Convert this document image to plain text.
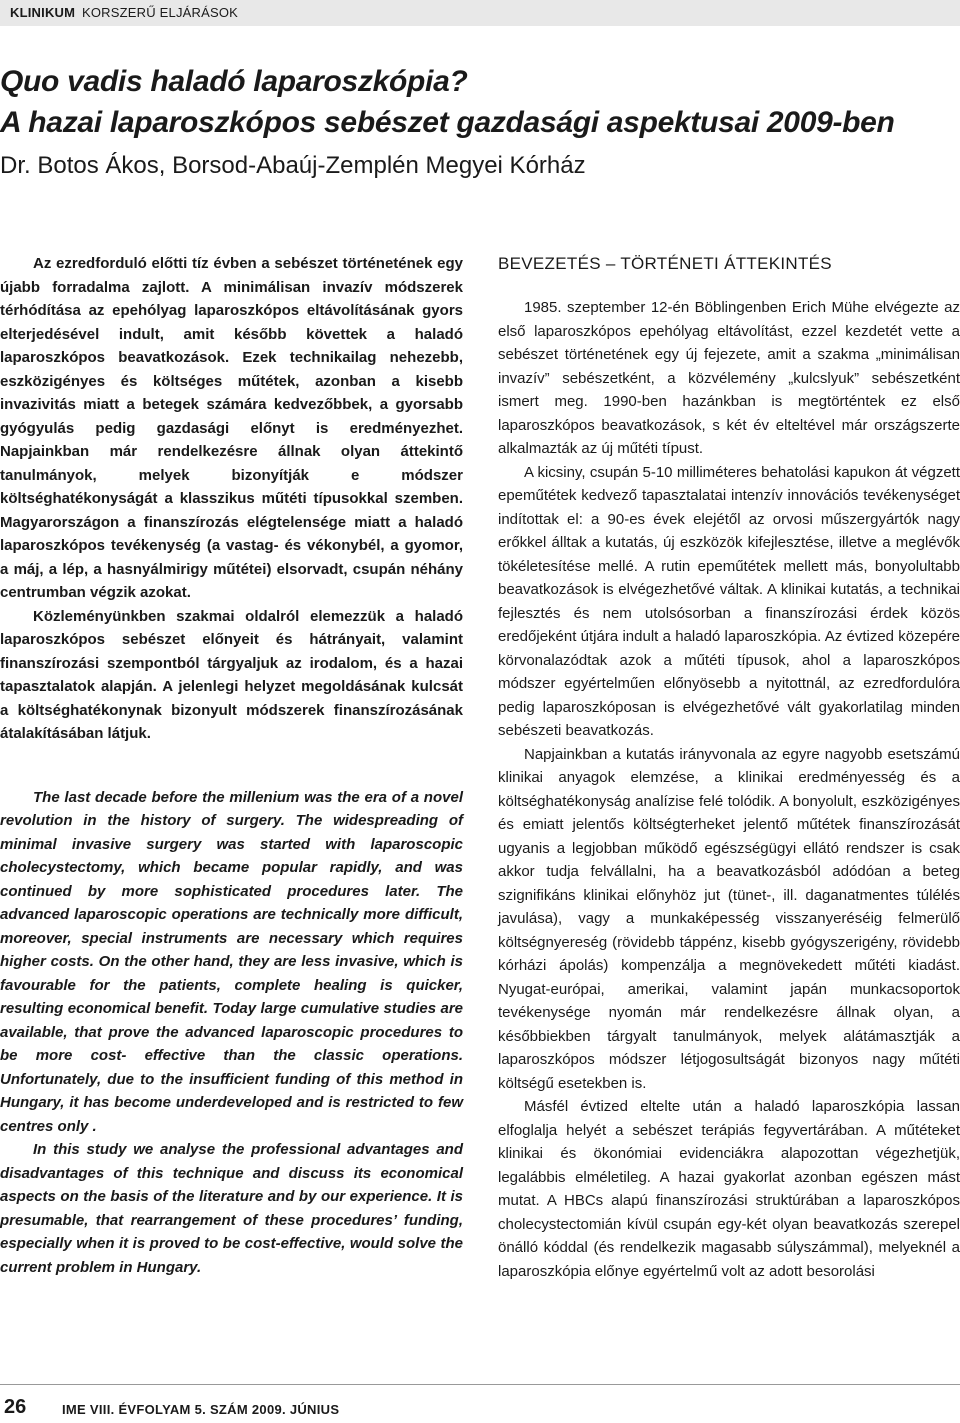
KLINIKUM KORSZERŰ ELJÁRÁSOK
Quo vadis haladó laparoszkópia?
A hazai laparoszkópos sebészet gazdasági aspektusai 2009-ben
Dr. Botos Ákos, Borsod-Abaúj-Zemplén Megyei Kórház

Az ezredforduló előtti tíz évben a sebészet történetének egy újabb forradalma zajlott. A minimálisan invazív módszerek térhódítása az epehólyag laparoszkópos eltávolításának gyors elterjedésével indult, amit később követtek a haladó laparoszkópos beavatkozások. Ezek technikailag nehezebb, eszközigényes és költséges műtétek, azonban a kisebb invazivitás miatt a betegek számára kedvezőbbek, a gyorsabb gyógyulás pedig gazdasági előnyt is eredményezhet. Napjainkban már rendelkezésre állnak olyan áttekintő tanulmányok, melyek bizonyítják e módszer költséghatékonyságát a klasszikus műtéti típusokkal szemben. Magyarországon a finanszírozás elégtelensége miatt a haladó laparoszkópos tevékenység (a vastag- és vékonybél, a gyomor, a máj, a lép, a hasnyálmirigy műtétei) elsorvadt, csupán néhány centrumban végzik azokat.

Közleményünkben szakmai oldalról elemezzük a haladó laparoszkópos sebészet előnyeit és hátrányait, valamint finanszírozási szempontból tárgyaljuk az irodalom, és a hazai tapasztalatok alapján. A jelenlegi helyzet megoldásának kulcsát a költséghatékonynak bizonyult módszerek finanszírozásának átalakításában látjuk.

The last decade before the millenium was the era of a novel revolution in the history of surgery. The widespreading of minimal invasive surgery was started with laparoscopic cholecystectomy, which became popular rapidly, and was continued by more sophisticated procedures later. The advanced laparoscopic operations are technically more difficult, moreover, special instruments are necessary which requires higher costs. On the other hand, they are less invasive, which is favourable for the patients, complete healing is quicker, resulting economical benefit. Today large cumulative studies are available, that prove the advanced laparoscopic procedures to be more cost- effective than the classic operations. Unfortunately, due to the insufficient funding of this method in Hungary, it has become underdeveloped and is restricted to few centres only .

In this study we analyse the professional advantages and disadvantages of this technique and discuss its economical aspects on the basis of the literature and by our experience. It is presumable, that rearrangement of these procedures’ funding, especially when it is proved to be cost-effective, would solve the current problem in Hungary.

BEVEZETÉS – TÖRTÉNETI ÁTTEKINTÉS

1985. szeptember 12-én Böblingenben Erich Mühe elvégezte az első laparoszkópos epehólyag eltávolítást, ezzel kezdetét vette a sebészet történetének egy új fejezete, amit a szakma „minimálisan invazív” sebészetként, a közvélemény „kulcslyuk” sebészetként ismert meg. 1990-ben hazánkban is megtörténtek ez első laparoszkópos beavatkozások, s két év elteltével már országszerte alkalmazták az új műtéti típust.

A kicsiny, csupán 5-10 milliméteres behatolási kapukon át végzett epeműtétek kedvező tapasztalatai intenzív innovációs tevékenységet indítottak el: a 90-es évek elejétől az orvosi műszergyártók nagy erőkkel álltak a kutatás, új eszközök kifejlesztése, illetve a meglévők tökéletesítése mellé. A rutin epeműtétek mellett más, bonyolultabb beavatkozások is elvégezhetővé váltak. A klinikai kutatás, a technikai fejlesztés és nem utolsósorban a finanszírozási érdek közös eredőjeként útjára indult a haladó laparoszkópia. Az évtized közepére körvonalazódtak azok a műtéti típusok, ahol a laparoszkópos módszer egyértelműen előnyösebb a nyitottnál, az ezredfordulóra pedig laparoszkóposan is elvégezhetővé vált gyakorlatilag minden sebészeti beavatkozás.

Napjainkban a kutatás irányvonala az egyre nagyobb esetszámú klinikai anyagok elemzése, a klinikai eredményesség és a költséghatékonyság analízise felé tolódik. A bonyolult, eszközigényes és emiatt jelentős költségterheket jelentő műtétek finanszírozását ugyanis a legjobban működő egészségügyi ellátó rendszer is csak akkor tudja felvállalni, ha a beavatkozásból adódóan a beteg szignifikáns klinikai előnyhöz jut (tünet-, ill. daganatmentes túlélés javulása), vagy a munkaképesség visszanyeréséig felmerülő költségnyereség (rövidebb táppénz, kisebb gyógyszerigény, rövidebb kórházi ápolás) kompenzálja a megnövekedett műtéti kiadást. Nyugat-európai, amerikai, valamint japán munkacsoportok tevékenysége nyomán már rendelkezésre állnak olyan, a későbbiekben tárgyalt tanulmányok, melyek alátámasztják a laparoszkópos módszer létjogosultságát bizonyos nagy műtéti költségű esetekben is.

Másfél évtized eltelte után a haladó laparoszkópia lassan elfoglalja helyét a sebészet terápiás fegyvertárában. A műtéteket klinikai és ökonómiai evidenciákra alapozottan végezhetjük, legalábbis elméletileg. A hazai gyakorlat azonban egészen mást mutat. A HBCs alapú finanszírozási struktúrában a laparoszkópos cholecystectomián kívül csupán egy-két olyan beavatkozás szerepel önálló kóddal (és rendelkezik magasabb súlyszámmal), melyeknél a laparoszkópia előnye egyértelmű volt az adott besorolási

26	IME VIII. ÉVFOLYAM 5. SZÁM 2009. JÚNIUS
